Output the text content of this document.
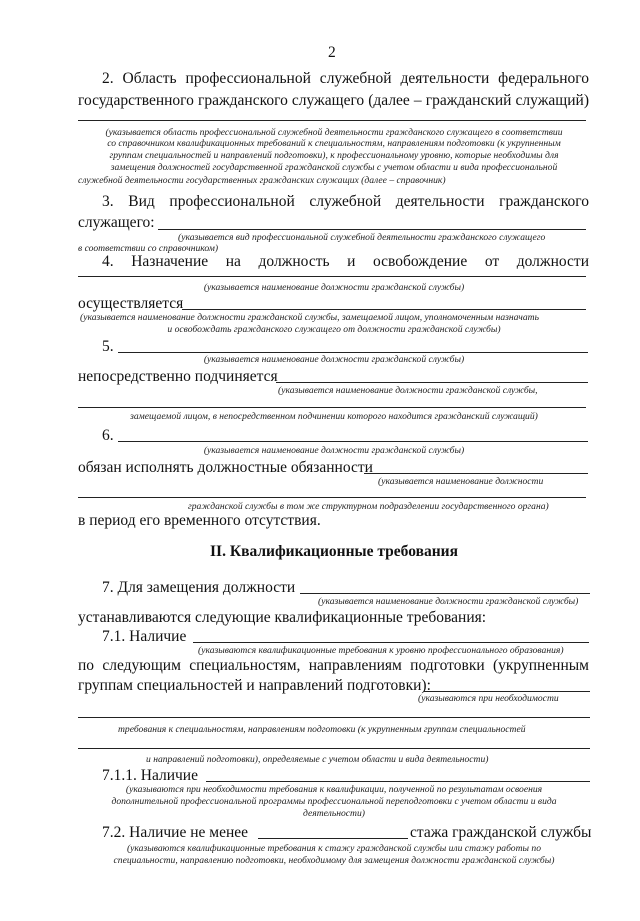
2
2. Область профессиональной служебной деятельности федерального
государственного гражданского служащего (далее – гражданский служащий)
(указывается область профессиональной служебной деятельности гражданского служащего в соответствии
со справочником квалификационных требований к специальностям, направлениям подготовки (к укрупненным
группам специальностей и направлений подготовки), к профессиональному уровню, которые необходимы для
замещения должностей государственной гражданской службы с учетом области и вида профессиональной
служебной деятельности государственных гражданских служащих (далее – справочник)
3. Вид профессиональной служебной деятельности гражданского
служащего:
(указывается вид профессиональной служебной деятельности гражданского служащего
в соответствии со справочником)
4. Назначение на должность и освобождение от должности
(указывается наименование должности гражданской службы)
осуществляется
(указывается наименование должности гражданской службы, замещаемой лицом, уполномоченным назначать
и освобождать гражданского служащего от должности гражданской службы)
5.
(указывается наименование должности гражданской службы)
непосредственно подчиняется
(указывается наименование должности гражданской службы,
замещаемой лицом, в непосредственном подчинении которого находится гражданский служащий)
6.
(указывается наименование должности гражданской службы)
обязан исполнять должностные обязанности
(указывается наименование должности
гражданской службы в том же структурном подразделении государственного органа)
в период его временного отсутствия.
II. Квалификационные требования
7. Для замещения должности
(указывается наименование должности гражданской службы)
устанавливаются следующие квалификационные требования:
7.1. Наличие
(указываются квалификационные требования к уровню профессионального образования)
по следующим специальностям, направлениям подготовки (укрупненным
группам специальностей и направлений подготовки):
(указываются при необходимости
требования к специальностям, направлениям подготовки (к укрупненным группам специальностей
и направлений подготовки), определяемые с учетом области и вида деятельности)
7.1.1. Наличие
(указываются при необходимости требования к квалификации, полученной по результатам освоения
дополнительной профессиональной программы профессиональной переподготовки с учетом области и вида
деятельности)
7.2. Наличие не менее	стажа гражданской службы
(указываются квалификационные требования к стажу гражданской службы или стажу работы по
специальности, направлению подготовки, необходимому для замещения должности гражданской службы)
